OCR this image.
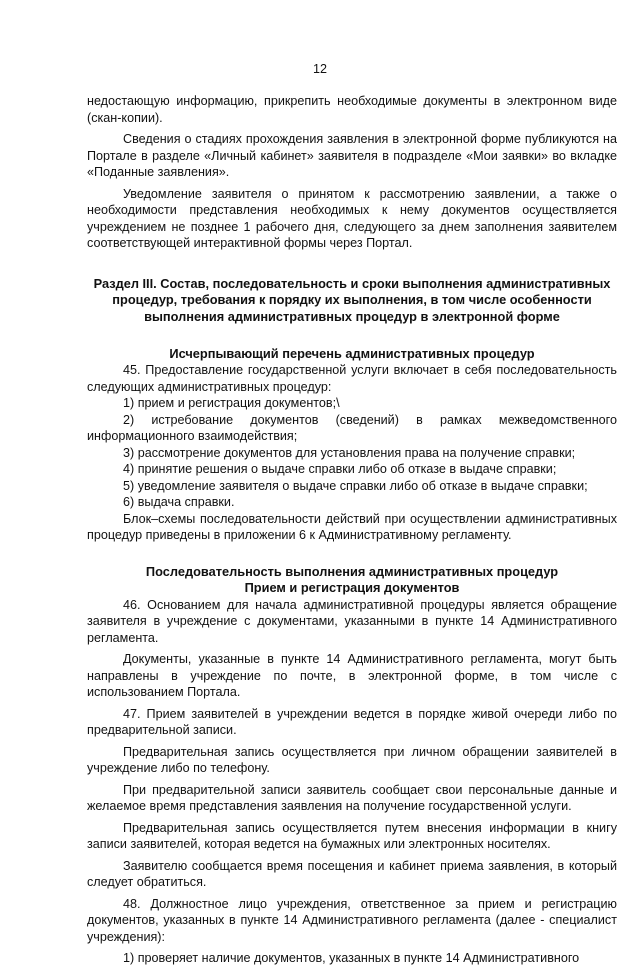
12

недостающую информацию, прикрепить необходимые документы в электронном виде (скан-копии).

Сведения о стадиях прохождения заявления в электронной форме публикуются на Портале в разделе «Личный кабинет» заявителя в подразделе «Мои заявки» во вкладке «Поданные заявления».

Уведомление заявителя о принятом к рассмотрению заявлении, а также о необходимости представления необходимых к нему документов осуществляется учреждением не позднее 1 рабочего дня, следующего за днем заполнения заявителем соответствующей интерактивной формы через Портал.

Раздел III. Состав, последовательность и сроки выполнения административных процедур, требования к порядку их выполнения, в том числе особенности выполнения административных процедур в электронной форме

Исчерпывающий перечень административных процедур

45. Предоставление государственной услуги включает в себя последовательность следующих административных процедур:

1) прием и регистрация документов;\

2) истребование документов (сведений) в рамках межведомственного информационного взаимодействия;

3) рассмотрение документов для установления права на получение справки;

4) принятие решения о выдаче справки либо об отказе в выдаче справки;

5) уведомление заявителя о выдаче справки либо об отказе в выдаче справки;

6) выдача справки.

Блок–схемы последовательности действий при осуществлении административных процедур приведены в приложении 6 к Административному регламенту.

Последовательность выполнения административных процедур

Прием и регистрация документов

46. Основанием для начала административной процедуры является обращение заявителя в учреждение с документами, указанными в пункте 14 Административного регламента.

Документы, указанные в пункте 14 Административного регламента, могут быть направлены в учреждение по почте, в электронной форме, в том числе с использованием Портала.

47. Прием заявителей в учреждении ведется в порядке живой очереди либо по предварительной записи.

Предварительная запись осуществляется при личном обращении заявителей в учреждение либо по телефону.

При предварительной записи заявитель сообщает свои персональные данные и желаемое время представления заявления на получение государственной услуги.

Предварительная запись осуществляется путем внесения информации в книгу записи заявителей, которая ведется на бумажных или электронных носителях.

Заявителю сообщается время посещения и кабинет приема заявления, в который следует обратиться.

48. Должностное лицо учреждения, ответственное за прием и регистрацию документов, указанных в пункте 14 Административного регламента (далее - специалист учреждения):

1) проверяет наличие документов, указанных в пункте 14 Административного
